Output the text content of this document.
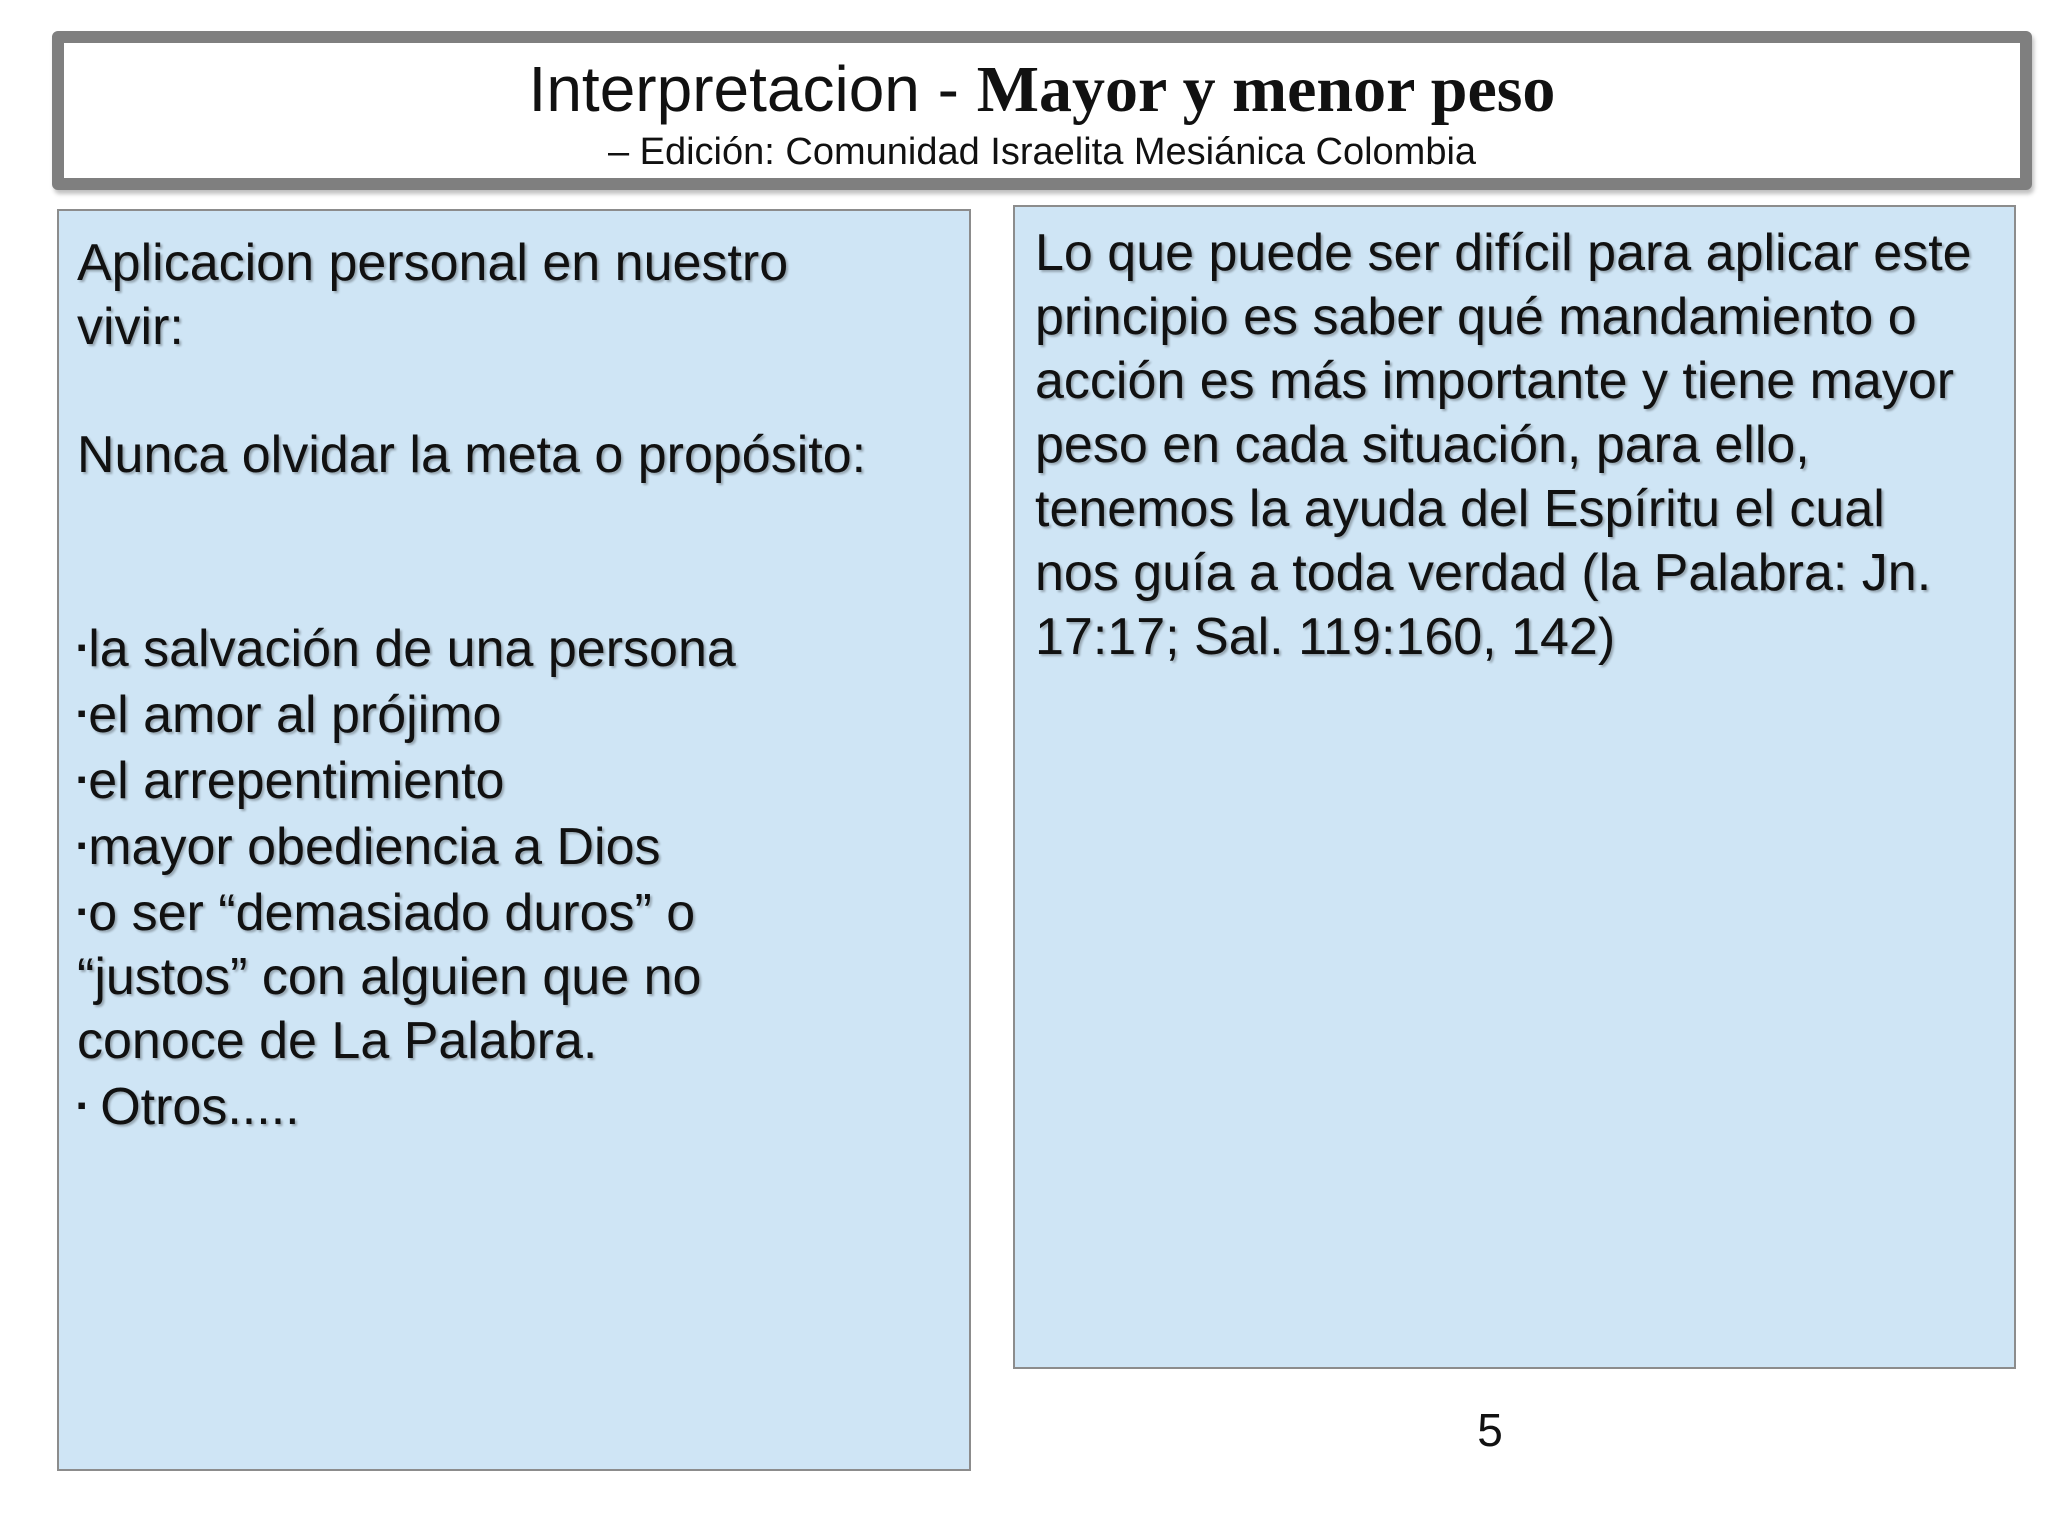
Interpretacion - Mayor y menor peso
– Edición: Comunidad Israelita Mesiánica Colombia

Aplicacion personal en nuestro vivir:

Nunca olvidar la meta o propósito:

▪la salvación de una persona
▪el amor al prójimo
▪el arrepentimiento
▪mayor obediencia a Dios
▪o ser “demasiado duros” o “justos” con alguien que no conoce de La Palabra.
▪ Otros.....

Lo que puede ser difícil para aplicar este principio es saber qué mandamiento o acción es más importante y tiene mayor peso en cada situación, para ello, tenemos la ayuda del Espíritu el cual nos guía a toda verdad (la Palabra: Jn. 17:17; Sal. 119:160, 142)

5
